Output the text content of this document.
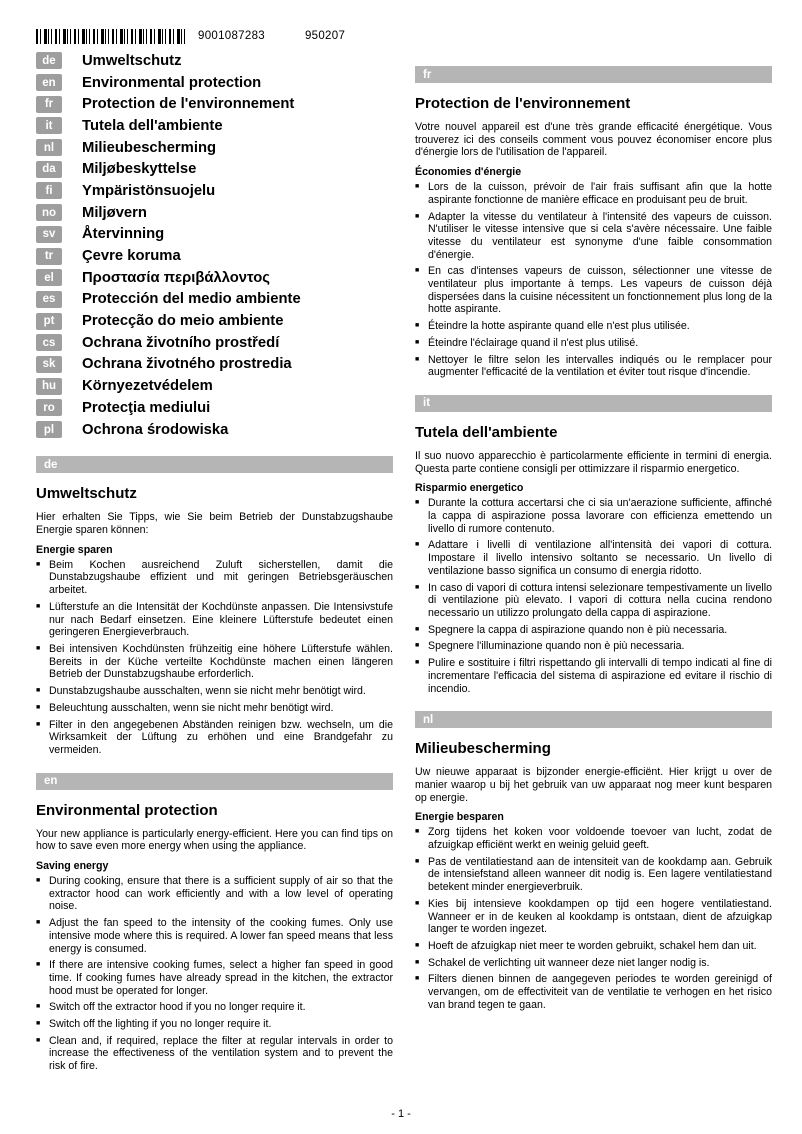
9001087283	950207
de	Umweltschutz
en	Environmental protection
fr	Protection de l'environnement
it	Tutela dell'ambiente
nl	Milieubescherming
da	Miljøbeskyttelse
fi	Ympäristönsuojelu
no	Miljøvern
sv	Återvinning
tr	Çevre koruma
el	Προστασία περιβάλλοντος
es	Protección del medio ambiente
pt	Protecção do meio ambiente
cs	Ochrana životního prostředí
sk	Ochrana životného prostredia
hu	Környezetvédelem
ro	Protecţia mediului
pl	Ochrona środowiska
de
Umweltschutz

Hier erhalten Sie Tipps, wie Sie beim Betrieb der Dunstabzugshaube Energie sparen können:

Energie sparen
■ Beim Kochen ausreichend Zuluft sicherstellen, damit die Dunstabzugshaube effizient und mit geringen Betriebsgeräuschen arbeitet.
■ Lüfterstufe an die Intensität der Kochdünste anpassen. Die Intensivstufe nur nach Bedarf einsetzen. Eine kleinere Lüfterstufe bedeutet einen geringeren Energieverbrauch.
■ Bei intensiven Kochdünsten frühzeitig eine höhere Lüfterstufe wählen. Bereits in der Küche verteilte Kochdünste machen einen längeren Betrieb der Dunstabzugshaube erforderlich.
■ Dunstabzugshaube ausschalten, wenn sie nicht mehr benötigt wird.
■ Beleuchtung ausschalten, wenn sie nicht mehr benötigt wird.
■ Filter in den angegebenen Abständen reinigen bzw. wechseln, um die Wirksamkeit der Lüftung zu erhöhen und eine Brandgefahr zu vermeiden.
en
Environmental protection

Your new appliance is particularly energy-efficient. Here you can find tips on how to save even more energy when using the appliance.

Saving energy
■ During cooking, ensure that there is a sufficient supply of air so that the extractor hood can work efficiently and with a low level of operating noise.
■ Adjust the fan speed to the intensity of the cooking fumes. Only use intensive mode where this is required. A lower fan speed means that less energy is consumed.
■ If there are intensive cooking fumes, select a higher fan speed in good time. If cooking fumes have already spread in the kitchen, the extractor hood must be operated for longer.
■ Switch off the extractor hood if you no longer require it.
■ Switch off the lighting if you no longer require it.
■ Clean and, if required, replace the filter at regular intervals in order to increase the effectiveness of the ventilation system and to prevent the risk of fire.
fr
Protection de l'environnement

Votre nouvel appareil est d'une très grande efficacité énergétique. Vous trouverez ici des conseils comment vous pouvez économiser encore plus d'énergie lors de l'utilisation de l'appareil.

Économies d'énergie
■ Lors de la cuisson, prévoir de l'air frais suffisant afin que la hotte aspirante fonctionne de manière efficace en produisant peu de bruit.
■ Adapter la vitesse du ventilateur à l'intensité des vapeurs de cuisson. N'utiliser le vitesse intensive que si cela s'avère nécessaire. Une faible vitesse du ventilateur est synonyme d'une faible consommation d'énergie.
■ En cas d'intenses vapeurs de cuisson, sélectionner une vitesse de ventilateur plus importante à temps. Les vapeurs de cuisson déjà dispersées dans la cuisine nécessitent un fonctionnement plus long de la hotte aspirante.
■ Éteindre la hotte aspirante quand elle n'est plus utilisée.
■ Éteindre l'éclairage quand il n'est plus utilisé.
■ Nettoyer le filtre selon les intervalles indiqués ou le remplacer pour augmenter l'efficacité de la ventilation et éviter tout risque d'incendie.
it
Tutela dell'ambiente

Il suo nuovo apparecchio è particolarmente efficiente in termini di energia. Questa parte contiene consigli per ottimizzare il risparmio energetico.

Risparmio energetico
■ Durante la cottura accertarsi che ci sia un'aerazione sufficiente, affinché la cappa di aspirazione possa lavorare con efficienza emettendo un livello di rumore contenuto.
■ Adattare i livelli di ventilazione all'intensità dei vapori di cottura. Impostare il livello intensivo soltanto se necessario. Un livello di ventilazione basso significa un consumo di energia ridotto.
■ In caso di vapori di cottura intensi selezionare tempestivamente un livello di ventilazione più elevato. I vapori di cottura nella cucina rendono necessario un utilizzo prolungato della cappa di aspirazione.
■ Spegnere la cappa di aspirazione quando non è più necessaria.
■ Spegnere l'illuminazione quando non è più necessaria.
■ Pulire e sostituire i filtri rispettando gli intervalli di tempo indicati al fine di incrementare l'efficacia del sistema di aspirazione ed evitare il rischio di incendio.
nl
Milieubescherming

Uw nieuwe apparaat is bijzonder energie-efficiënt. Hier krijgt u over de manier waarop u bij het gebruik van uw apparaat nog meer kunt besparen op energie.

Energie besparen
■ Zorg tijdens het koken voor voldoende toevoer van lucht, zodat de afzuigkap efficiënt werkt en weinig geluid geeft.
■ Pas de ventilatiestand aan de intensiteit van de kookdamp aan. Gebruik de intensiefstand alleen wanneer dit nodig is. Een lagere ventilatiestand betekent minder energieverbruik.
■ Kies bij intensieve kookdampen op tijd een hogere ventilatiestand. Wanneer er in de keuken al kookdamp is ontstaan, dient de afzuigkap langer te worden ingezet.
■ Hoeft de afzuigkap niet meer te worden gebruikt, schakel hem dan uit.
■ Schakel de verlichting uit wanneer deze niet langer nodig is.
■ Filters dienen binnen de aangegeven periodes te worden gereinigd of vervangen, om de effectiviteit van de ventilatie te verhogen en het risico van brand tegen te gaan.
- 1 -
